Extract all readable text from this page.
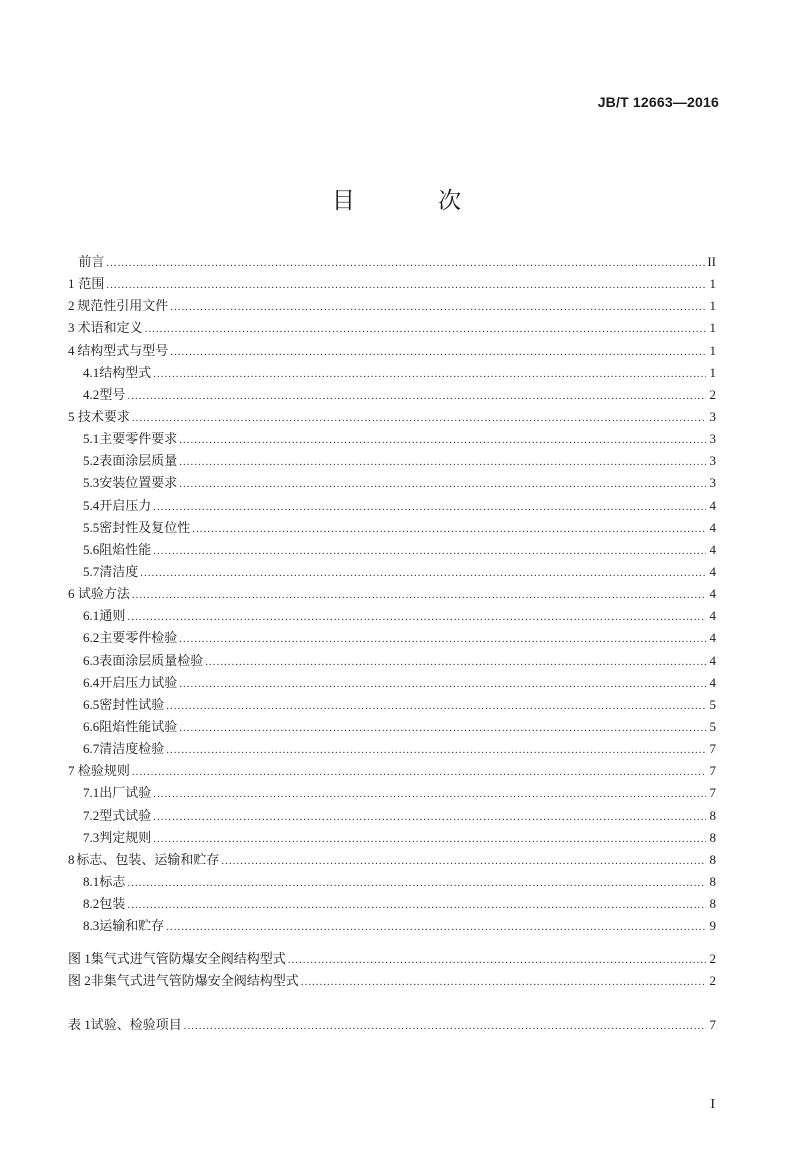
JB/T 12663—2016
目 次
前言 .....	II
1 范围 .....	1
2 规范性引用文件 .....	1
3 术语和定义 .....	1
4 结构型式与型号 .....	1
4.1 结构型式 .....	1
4.2 型号 .....	2
5 技术要求 .....	3
5.1 主要零件要求 .....	3
5.2 表面涂层质量 .....	3
5.3 安装位置要求 .....	3
5.4 开启压力 .....	4
5.5 密封性及复位性 .....	4
5.6 阻焰性能 .....	4
5.7 清洁度 .....	4
6 试验方法 .....	4
6.1 通则 .....	4
6.2 主要零件检验 .....	4
6.3 表面涂层质量检验 .....	4
6.4 开启压力试验 .....	4
6.5 密封性试验 .....	5
6.6 阻焰性能试验 .....	5
6.7 清洁度检验 .....	7
7 检验规则 .....	7
7.1 出厂试验 .....	7
7.2 型式试验 .....	8
7.3 判定规则 .....	8
8 标志、包装、运输和贮存 .....	8
8.1 标志 .....	8
8.2 包装 .....	8
8.3 运输和贮存 .....	9
图 1 集气式进气管防爆安全阀结构型式 .....	2
图 2 非集气式进气管防爆安全阀结构型式 .....	2
表 1 试验、检验项目 .....	7
I
